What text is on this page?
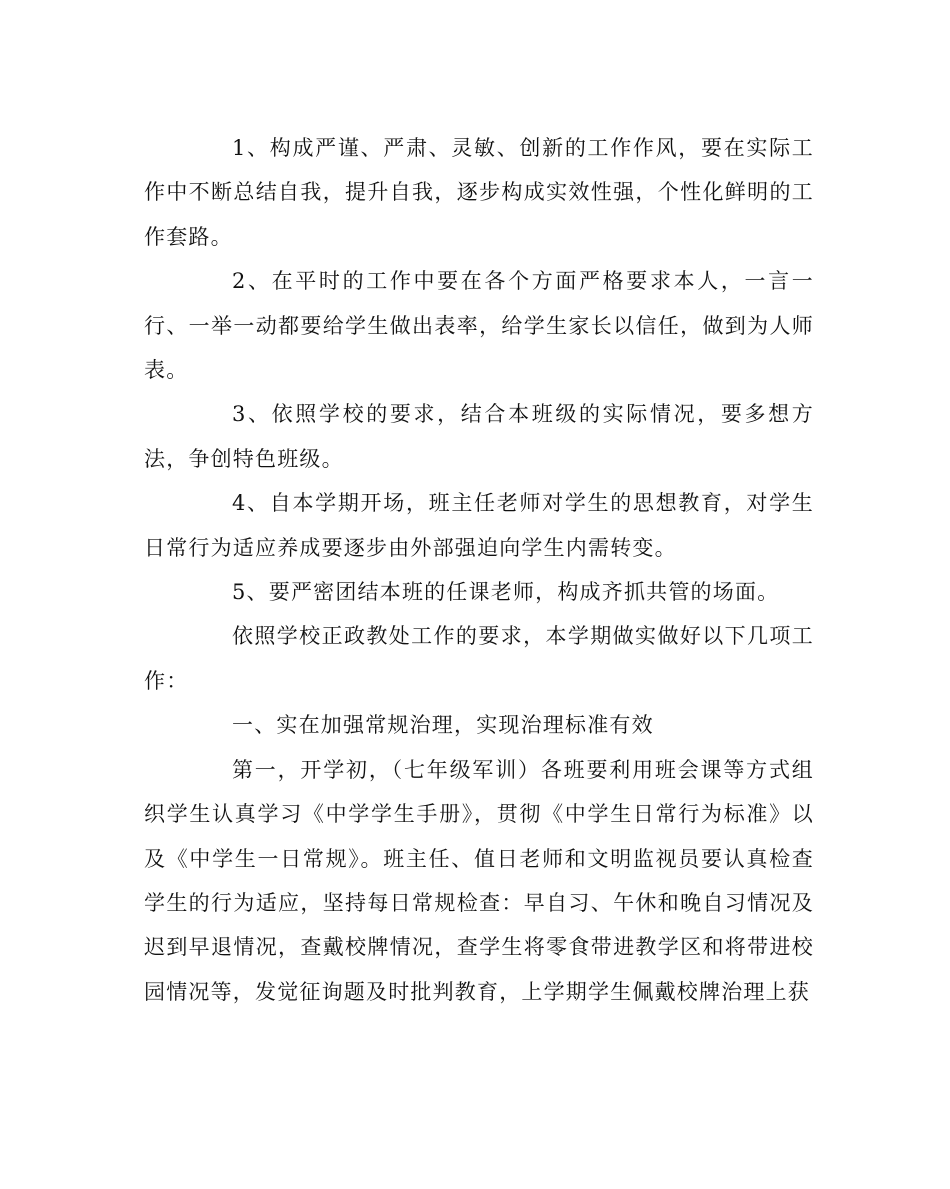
1、构成严谨、严肃、灵敏、创新的工作作风，要在实际工作中不断总结自我，提升自我，逐步构成实效性强，个性化鲜明的工作套路。

2、在平时的工作中要在各个方面严格要求本人，一言一行、一举一动都要给学生做出表率，给学生家长以信任，做到为人师表。

3、依照学校的要求，结合本班级的实际情况，要多想方法，争创特色班级。

4、自本学期开场，班主任老师对学生的思想教育，对学生日常行为适应养成要逐步由外部强迫向学生内需转变。

5、要严密团结本班的任课老师，构成齐抓共管的场面。

依照学校正政教处工作的要求，本学期做实做好以下几项工作：

一、实在加强常规治理，实现治理标准有效

第一，开学初，（七年级军训）各班要利用班会课等方式组织学生认真学习《中学学生手册》，贯彻《中学生日常行为标准》以及《中学生一日常规》。班主任、值日老师和文明监视员要认真检查学生的行为适应，坚持每日常规检查：早自习、午休和晚自习情况及迟到早退情况，查戴校牌情况，查学生将零食带进教学区和将带进校园情况等，发觉征询题及时批判教育，上学期学生佩戴校牌治理上获
